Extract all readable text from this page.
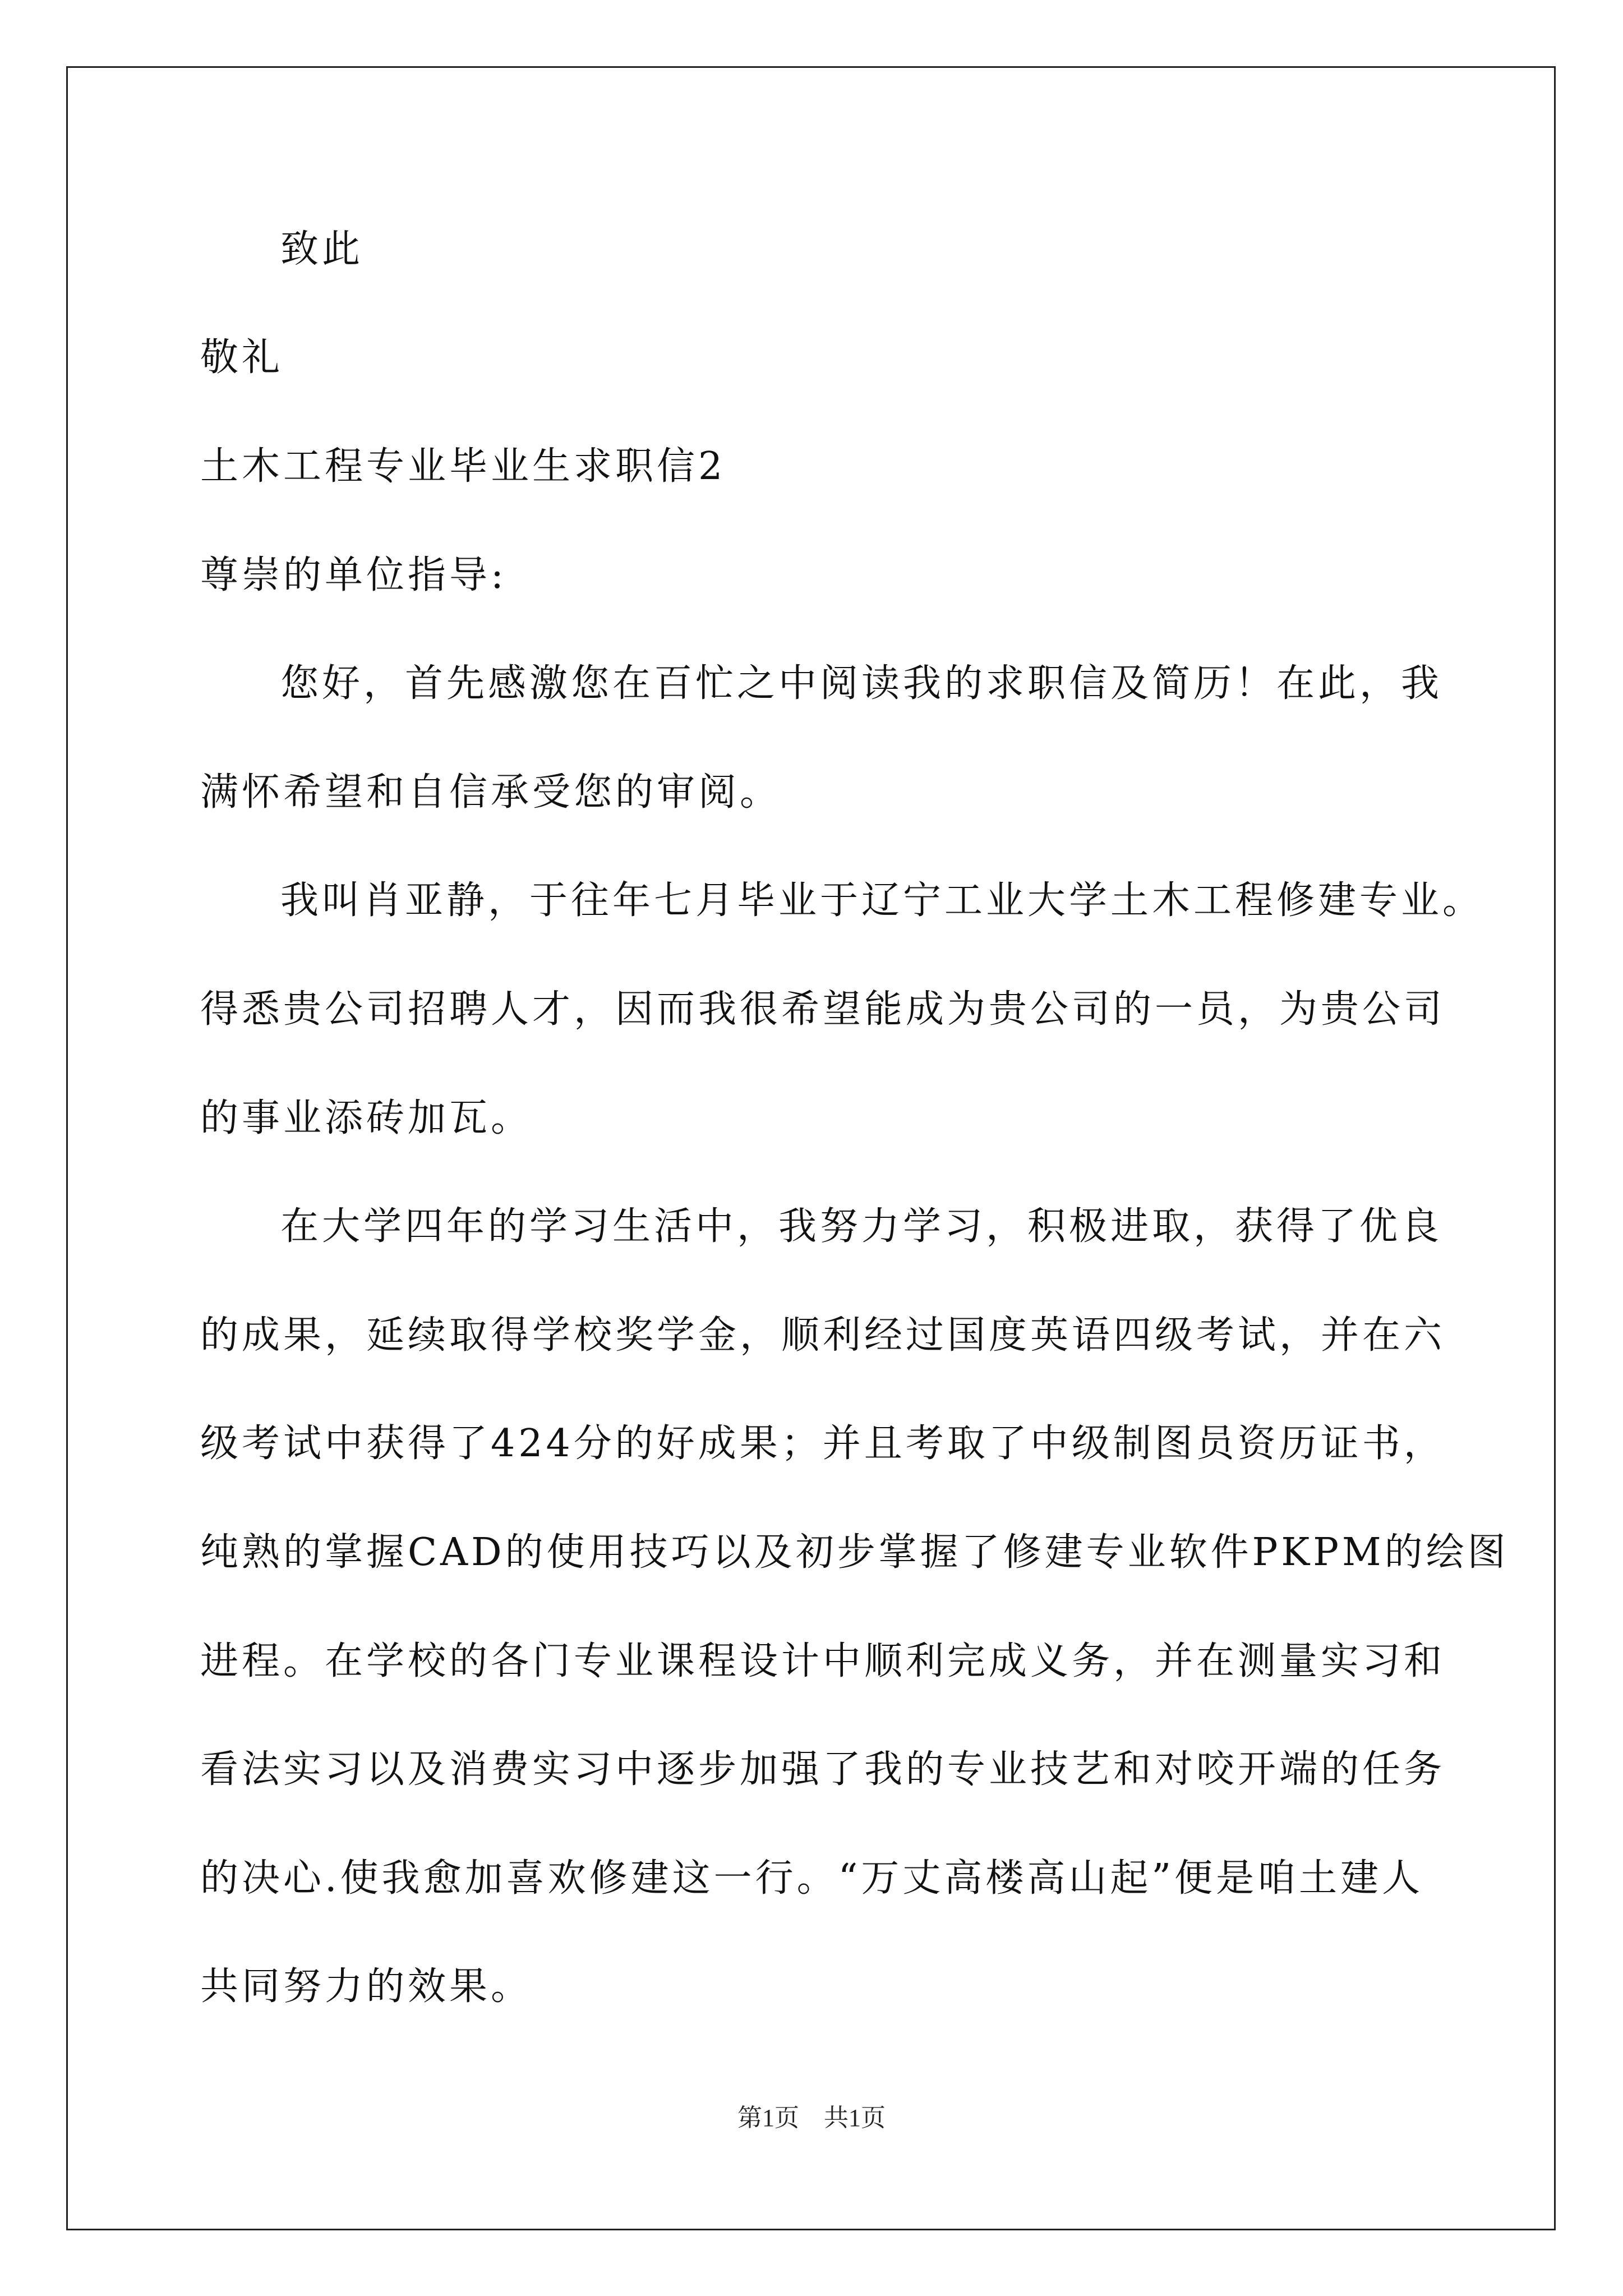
致此
敬礼
土木工程专业毕业生求职信2
尊崇的单位指导:
您好，首先感激您在百忙之中阅读我的求职信及简历！在此，我
满怀希望和自信承受您的审阅。
我叫肖亚静，于往年七月毕业于辽宁工业大学土木工程修建专业。
得悉贵公司招聘人才，因而我很希望能成为贵公司的一员，为贵公司
的事业添砖加瓦。
在大学四年的学习生活中，我努力学习，积极进取，获得了优良
的成果，延续取得学校奖学金，顺利经过国度英语四级考试，并在六
级考试中获得了424分的好成果；并且考取了中级制图员资历证书，
纯熟的掌握CAD的使用技巧以及初步掌握了修建专业软件PKPM的绘图
进程。在学校的各门专业课程设计中顺利完成义务，并在测量实习和
看法实习以及消费实习中逐步加强了我的专业技艺和对咬开端的任务
的决心.使我愈加喜欢修建这一行。“万丈高楼高山起”便是咱土建人
共同努力的效果。
第1页　共1页
